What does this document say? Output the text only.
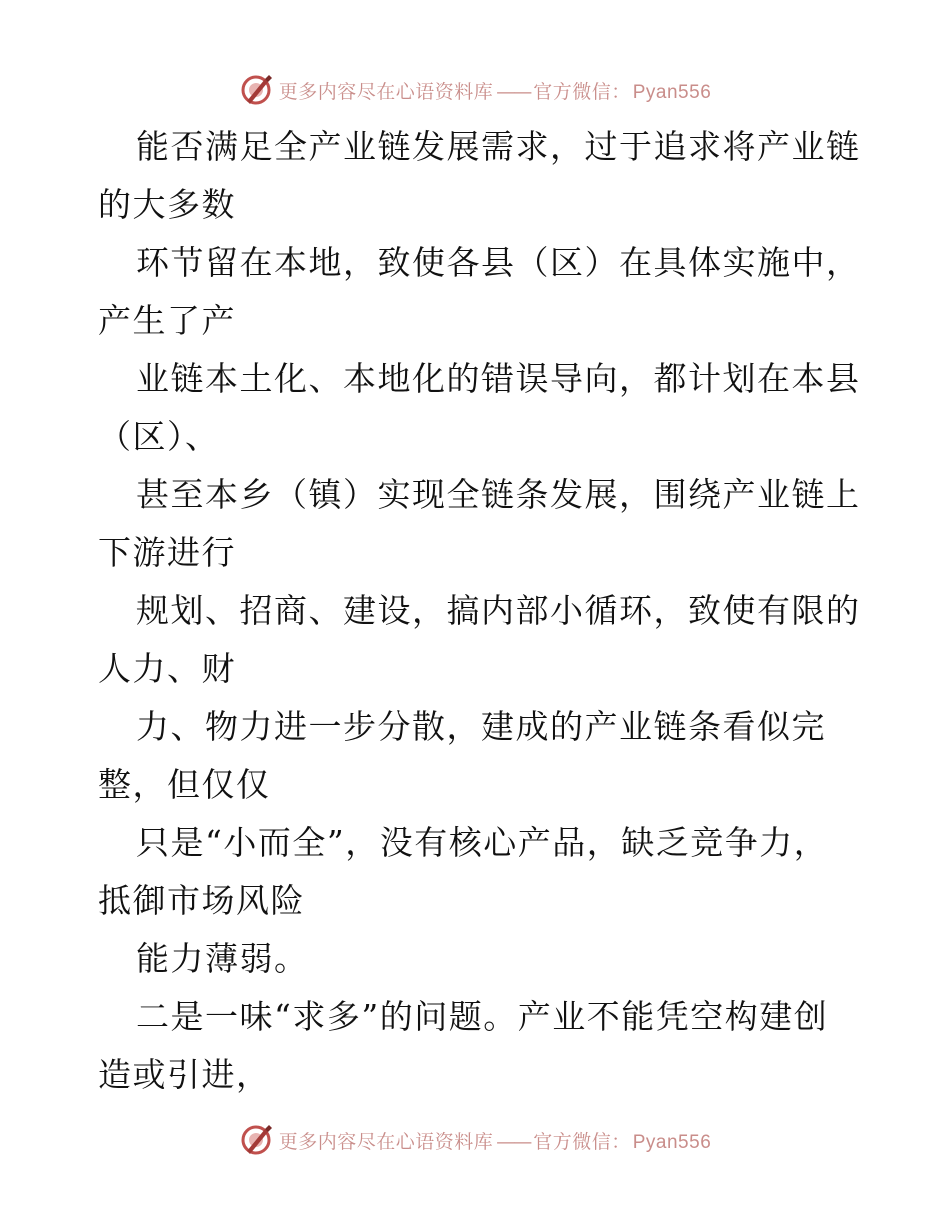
更多内容尽在心语资料库 —— 官方微信： Pyan556
能否满足全产业链发展需求，过于追求将产业链
的大多数
环节留在本地，致使各县（区）在具体实施中，
产生了产
业链本土化、本地化的错误导向，都计划在本县
（区）、
甚至本乡（镇）实现全链条发展，围绕产业链上
下游进行
规划、招商、建设，搞内部小循环，致使有限的
人力、财
力、物力进一步分散，建成的产业链条看似完
整，但仅仅
只是“小而全”，没有核心产品，缺乏竞争力，
抵御市场风险
能力薄弱。
二是一味“求多”的问题。产业不能凭空构建创
造或引进，
更多内容尽在心语资料库 —— 官方微信： Pyan556
